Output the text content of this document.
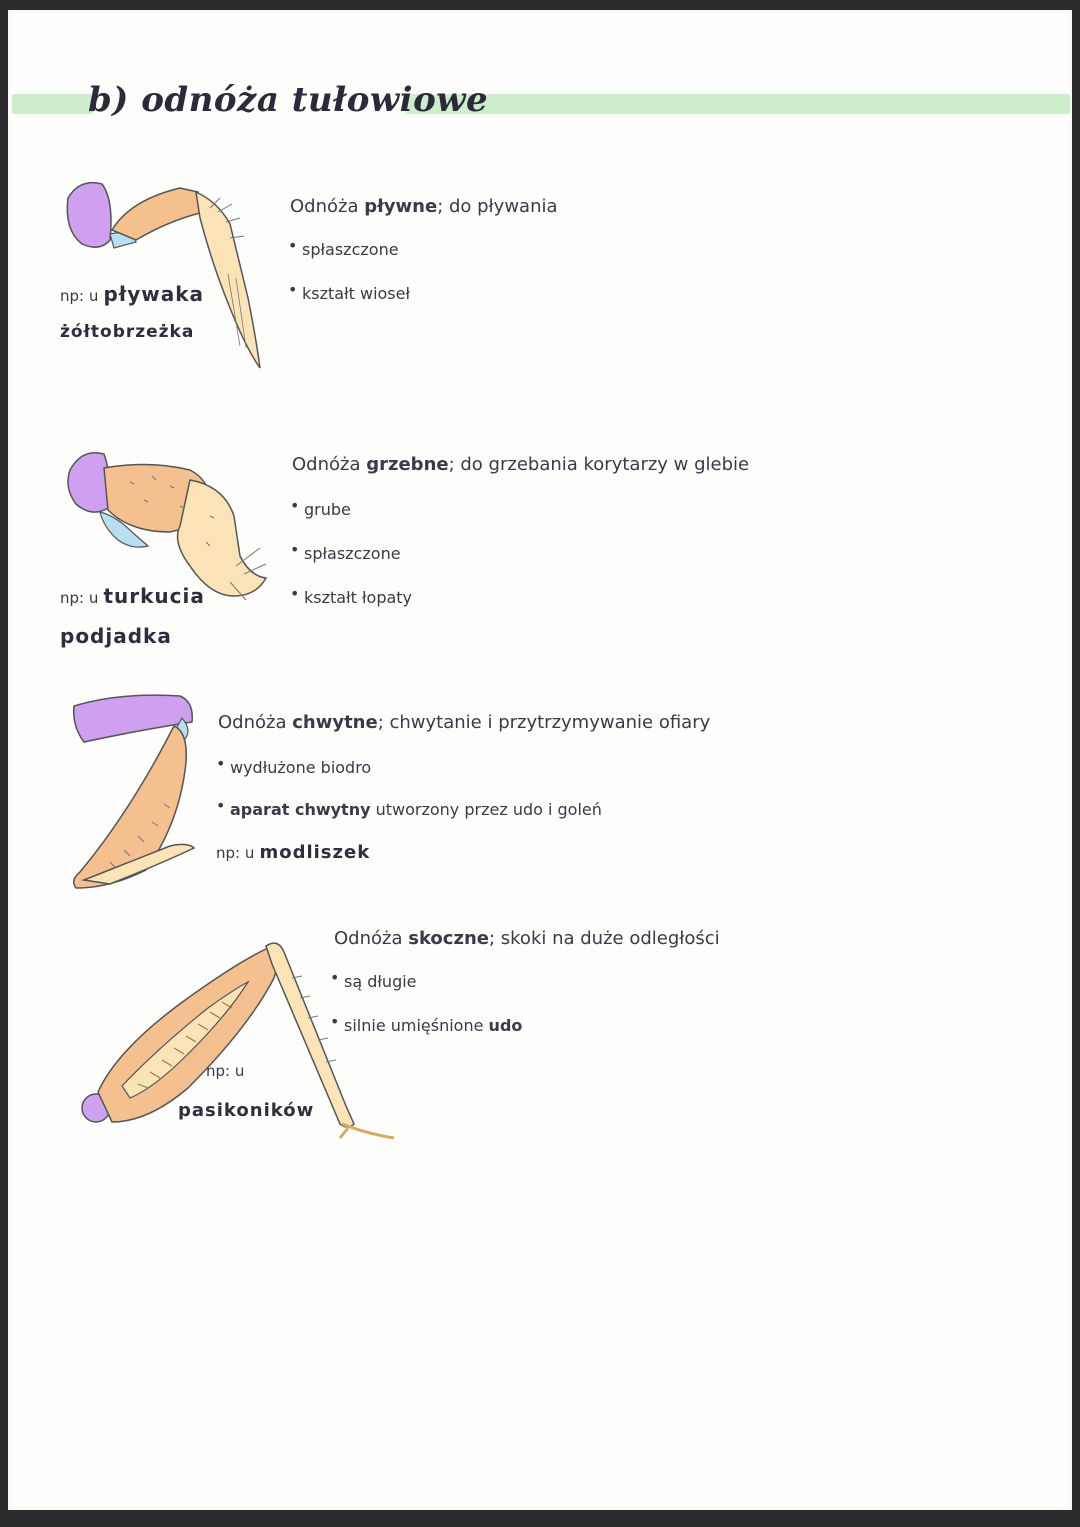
b) odnóża tułowiowe
Odnóża pływne; do pływania
• spłaszczone
• kształt wioseł
np: u pływaka
żółtobrzeżka
Odnóża grzebne; do grzebania korytarzy w glebie
• grube
• spłaszczone
• kształt łopaty
np: u turkucia
podjadka
Odnóża chwytne; chwytanie i przytrzymywanie ofiary
• wydłużone biodro
• aparat chwytny utworzony przez udo i goleń
np: u modliszek
Odnóża skoczne; skoki na duże odległości
• są długie
• silnie umięśnione udo
np: u
pasikoników
